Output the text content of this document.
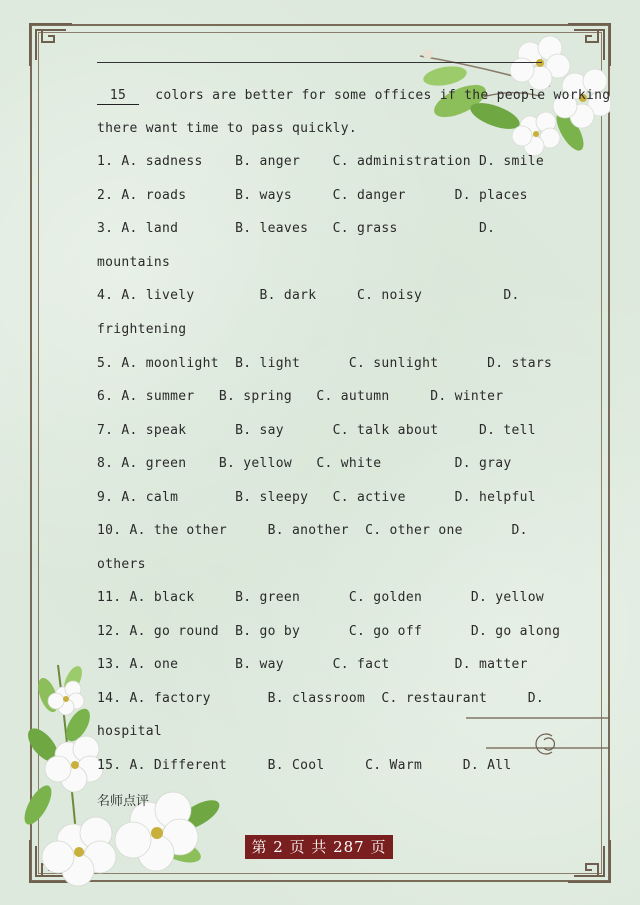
15 colors are better for some offices if the people working
there want time to pass quickly.
1. A. sadness    B. anger    C. administration D. smile
2. A. roads      B. ways     C. danger      D. places
3. A. land       B. leaves   C. grass          D.
mountains
4. A. lively        B. dark     C. noisy          D.
frightening
5. A. moonlight  B. light      C. sunlight      D. stars
6. A. summer   B. spring   C. autumn     D. winter
7. A. speak      B. say      C. talk about     D. tell
8. A. green    B. yellow   C. white         D. gray
9. A. calm       B. sleepy   C. active      D. helpful
10. A. the other     B. another  C. other one      D.
others
11. A. black     B. green      C. golden      D. yellow
12. A. go round  B. go by      C. go off      D. go along
13. A. one       B. way      C. fact        D. matter
14. A. factory       B. classroom  C. restaurant     D.
hospital
15. A. Different     B. Cool     C. Warm     D. All
名师点评
第 2 页 共 287 页
